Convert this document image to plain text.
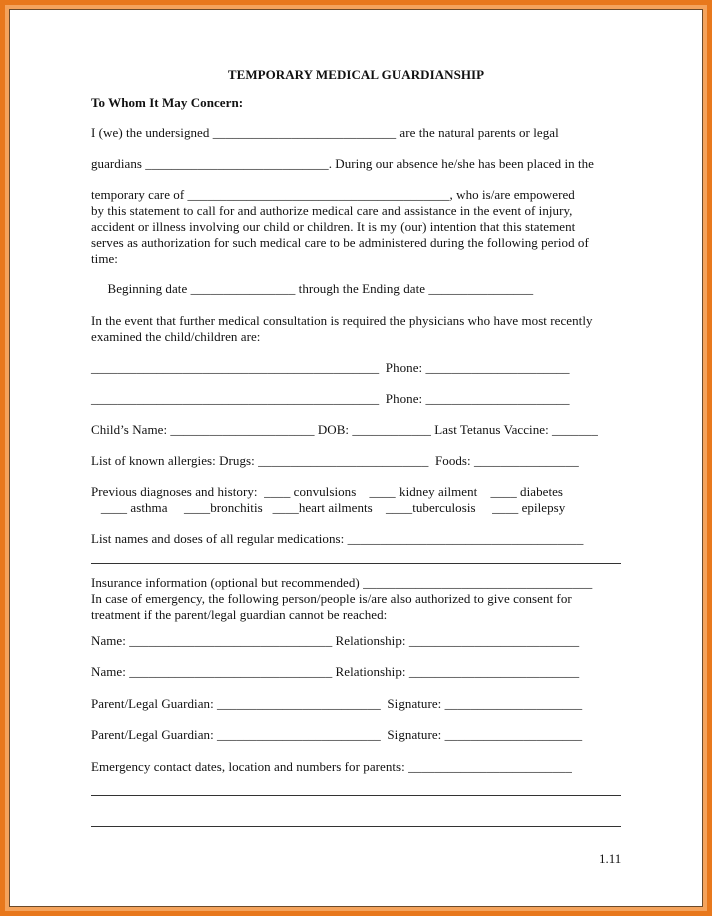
TEMPORARY MEDICAL GUARDIANSHIP
To Whom It May Concern:
I (we) the undersigned ____________________________ are the natural parents or legal
guardians ____________________________. During our absence he/she has been placed in the
temporary care of ________________________________________, who is/are empowered
by this statement to call for and authorize medical care and assistance in the event of injury,
accident or illness involving our child or children. It is my (our) intention that this statement
serves as authorization for such medical care to be administered during the following period of
time:
Beginning date ________________ through the Ending date ________________
In the event that further medical consultation is required the physicians who have most recently
examined the child/children are:
____________________________________________  Phone: ______________________
____________________________________________  Phone: ______________________
Child’s Name: ______________________ DOB: ____________ Last Tetanus Vaccine: _______
List of known allergies: Drugs: __________________________  Foods: ________________
Previous diagnoses and history:  ____ convulsions    ____ kidney ailment    ____ diabetes
____ asthma     ____bronchitis   ____heart ailments    ____tuberculosis     ____ epilepsy
List names and doses of all regular medications: ____________________________________
Insurance information (optional but recommended) ___________________________________
In case of emergency, the following person/people is/are also authorized to give consent for
treatment if the parent/legal guardian cannot be reached:
Name: _______________________________ Relationship: __________________________
Name: _______________________________ Relationship: __________________________
Parent/Legal Guardian: _________________________  Signature: _____________________
Parent/Legal Guardian: _________________________  Signature: _____________________
Emergency contact dates, location and numbers for parents: _________________________
1.11
